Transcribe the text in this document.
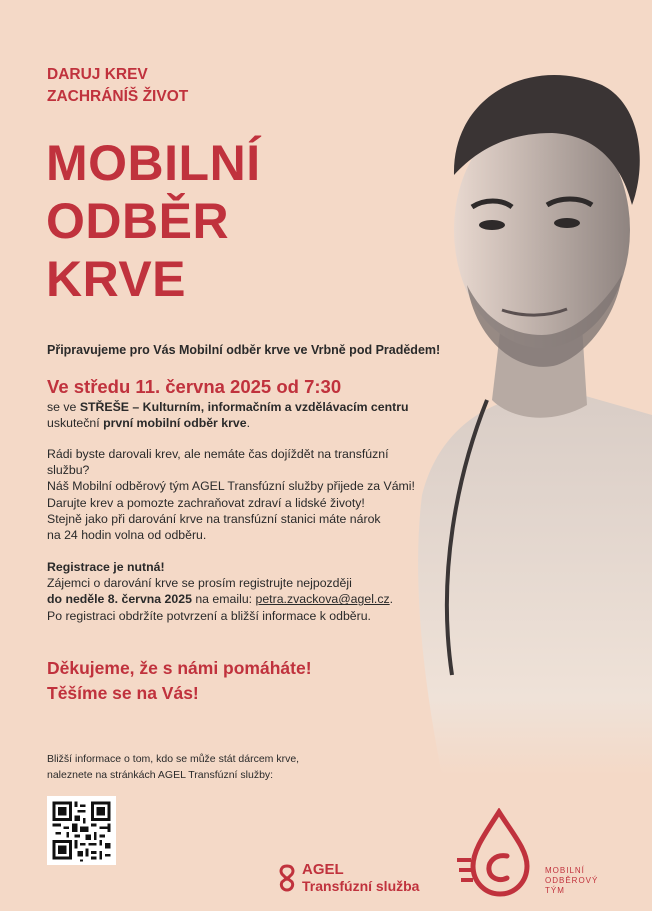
DARUJ KREV
ZACHRÁNÍŠ ŽIVOT
MOBILNÍ
ODBĚR
KRVE
Připravujeme pro Vás Mobilní odběr krve ve Vrbně pod Pradědem!
Ve středu 11. června 2025 od 7:30
se ve STŘEŠE – Kulturním, informačním a vzdělávacím centru
uskuteční první mobilní odběr krve.
Rádi byste darovali krev, ale nemáte čas dojíždět na transfúzní službu?
Náš Mobilní odběrový tým AGEL Transfúzní služby přijede za Vámi!
Darujte krev a pomozte zachraňovat zdraví a lidské životy!
Stejně jako při darování krve na transfúzní stanici máte nárok
na 24 hodin volna od odběru.
Registrace je nutná!
Zájemci o darování krve se prosím registrujte nejpozději
do neděle 8. června 2025 na emailu: petra.zvackova@agel.cz.
Po registraci obdržíte potvrzení a bližší informace k odběru.
Děkujeme, že s námi pomáháte!
Těšíme se na Vás!
Bližší informace o tom, kdo se může stát dárcem krve,
naleznete na stránkách AGEL Transfúzní služby:
AGEL
Transfúzní služba
MOBILNÍ
ODBĚROVÝ
TÝM
